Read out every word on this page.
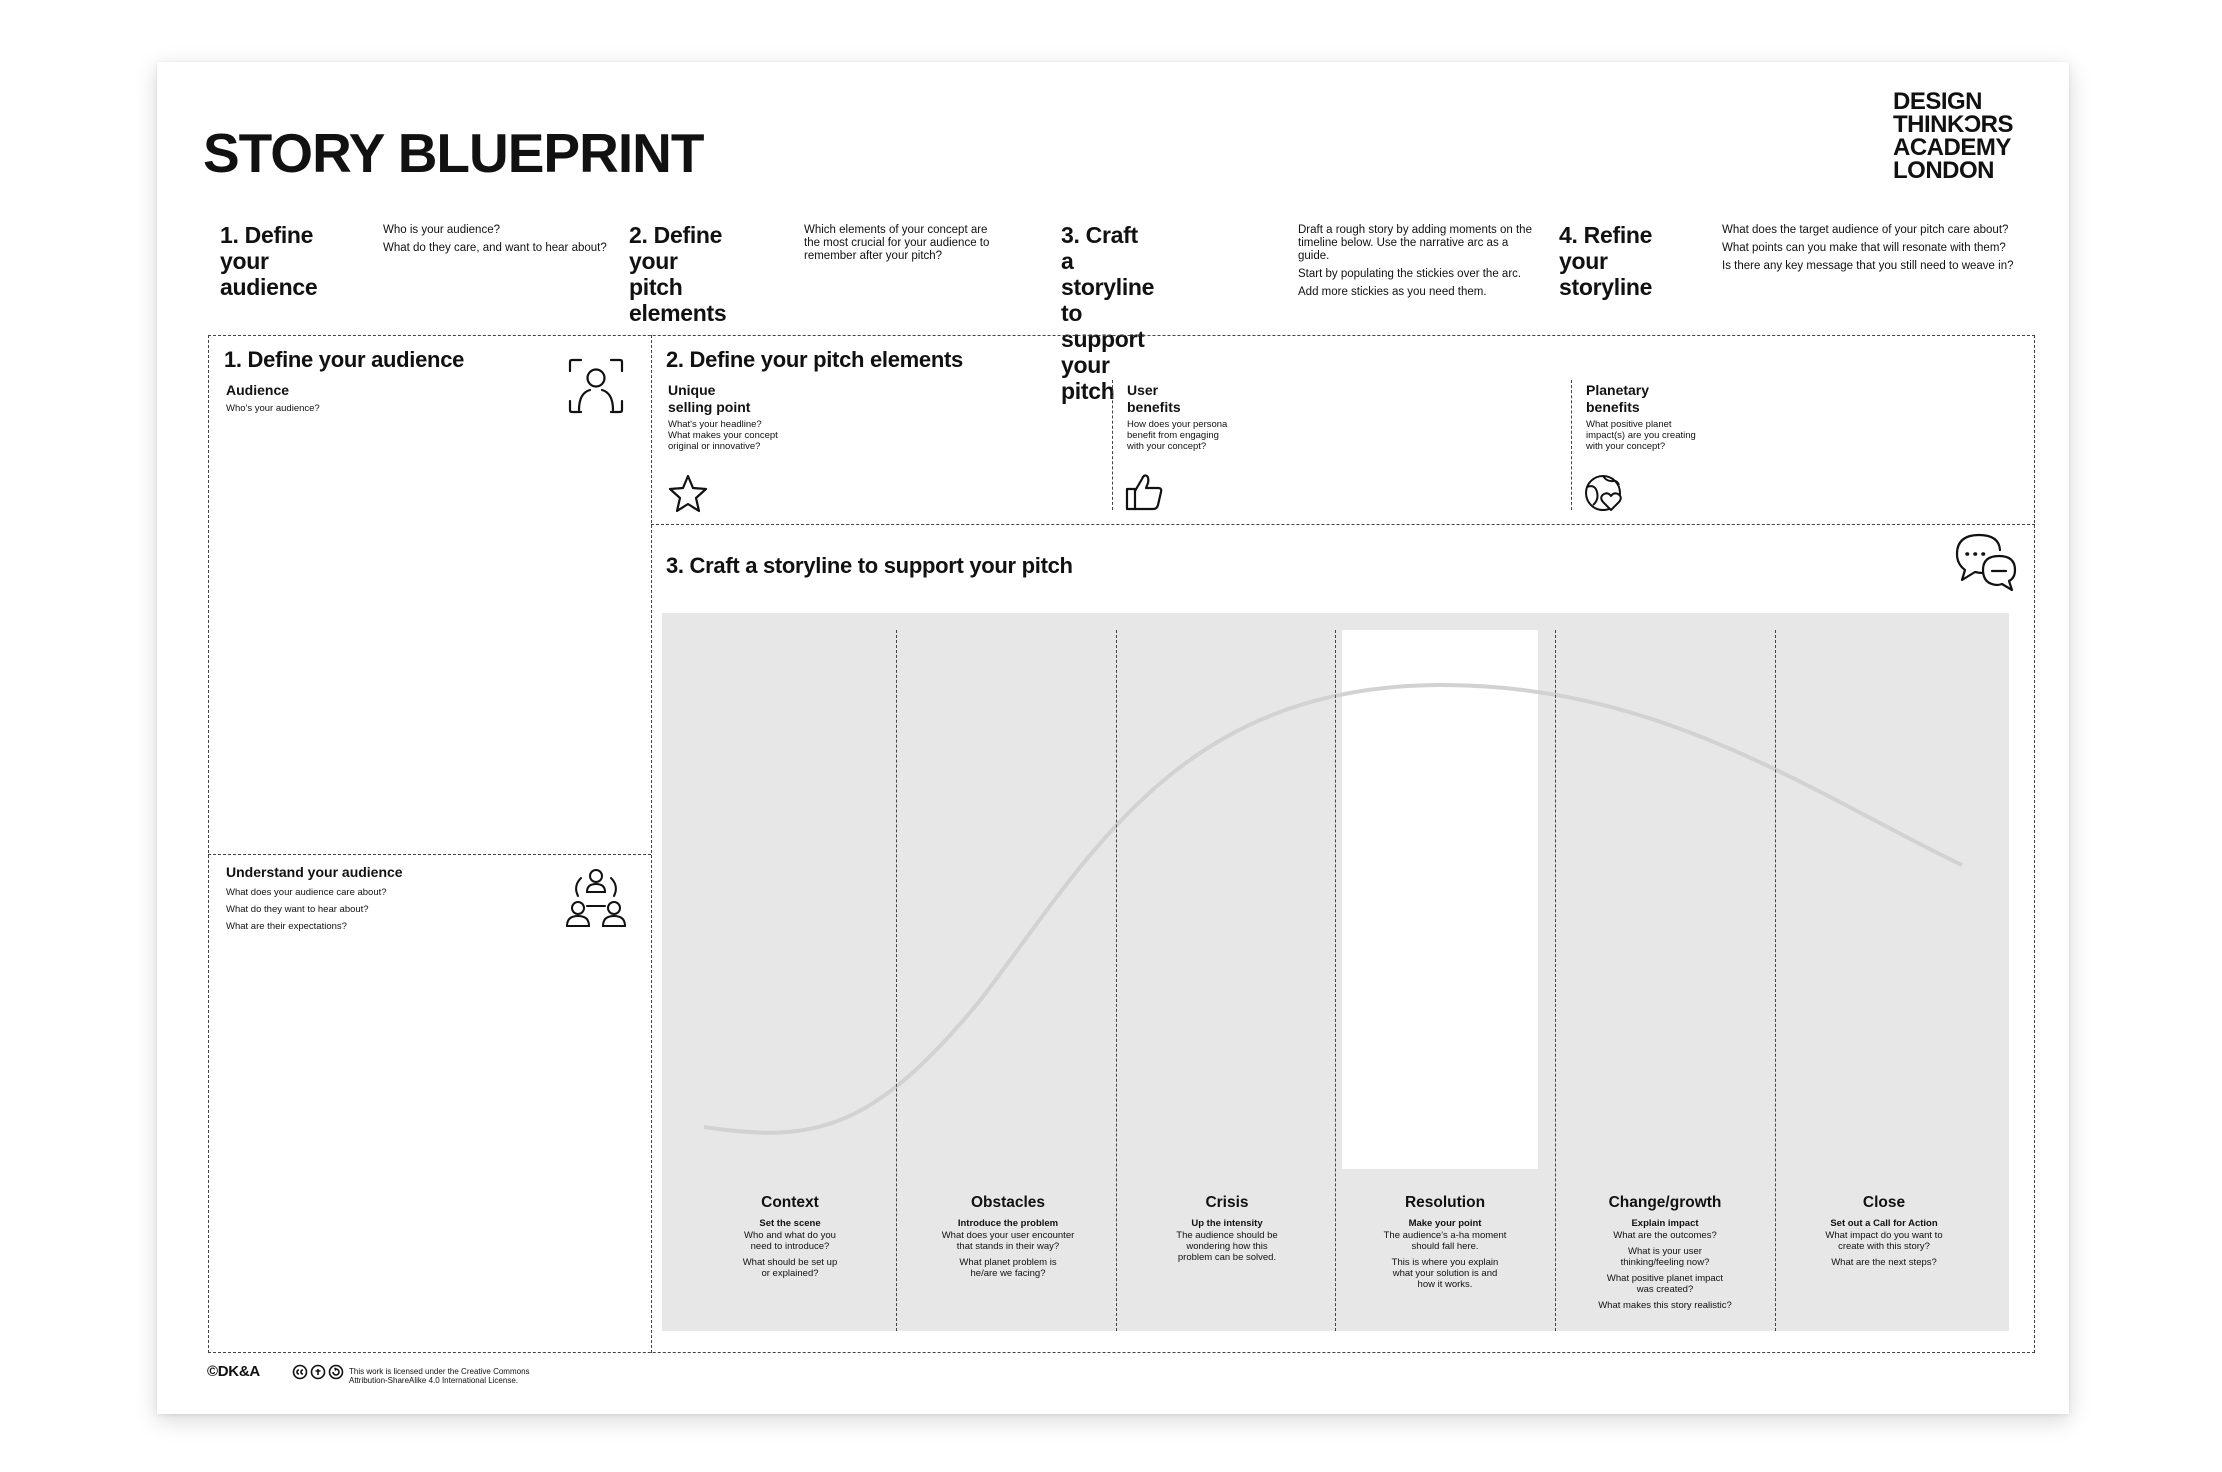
STORY BLUEPRINT
DESIGN
THINKƆRS
ACADEMY
LONDON
1. Define your
audience

Who is your audience?

What do they care, and want to hear about? 2. Define your
pitch elements

Which elements of your concept are the most crucial for your audience to remember after your pitch?

3. Craft a storyline to
support your pitch

Draft a rough story by adding moments on the timeline below. Use the narrative arc as a guide.

Start by populating the stickies over the arc.

Add more stickies as you need them.

4. Refine your
storyline

What does the target audience of your pitch care about?

What points can you make that will resonate with them?

Is there any key message that you still need to weave in?

1. Define your audience
Audience
Who's your audience?
Understand your audience
What does your audience care about?
What do they want to hear about?
What are their expectations?
2. Define your pitch elements
Unique
selling point
What's your headline?
What makes your concept
original or innovative?
User
benefits
How does your persona
benefit from engaging
with your concept?
Planetary
benefits
What positive planet
impact(s) are you creating
with your concept?
3. Craft a storyline to support your pitch
Context
Set the scene
Who and what do you
need to introduce?
What should be set up
or explained?
Obstacles
Introduce the problem
What does your user encounter
that stands in their way?
What planet problem is
he/are we facing?
Crisis
Up the intensity
The audience should be
wondering how this
problem can be solved.
Resolution
Make your point
The audience's a-ha moment
should fall here.
This is where you explain
what your solution is and
how it works.
Change/growth
Explain impact
What are the outcomes?
What is your user
thinking/feeling now?
What positive planet impact
was created?
What makes this story realistic?
Close
Set out a Call for Action
What impact do you want to
create with this story?
What are the next steps?
©DK&A	This work is licensed under the Creative Commons
Attribution-ShareAlike 4.0 International License.
